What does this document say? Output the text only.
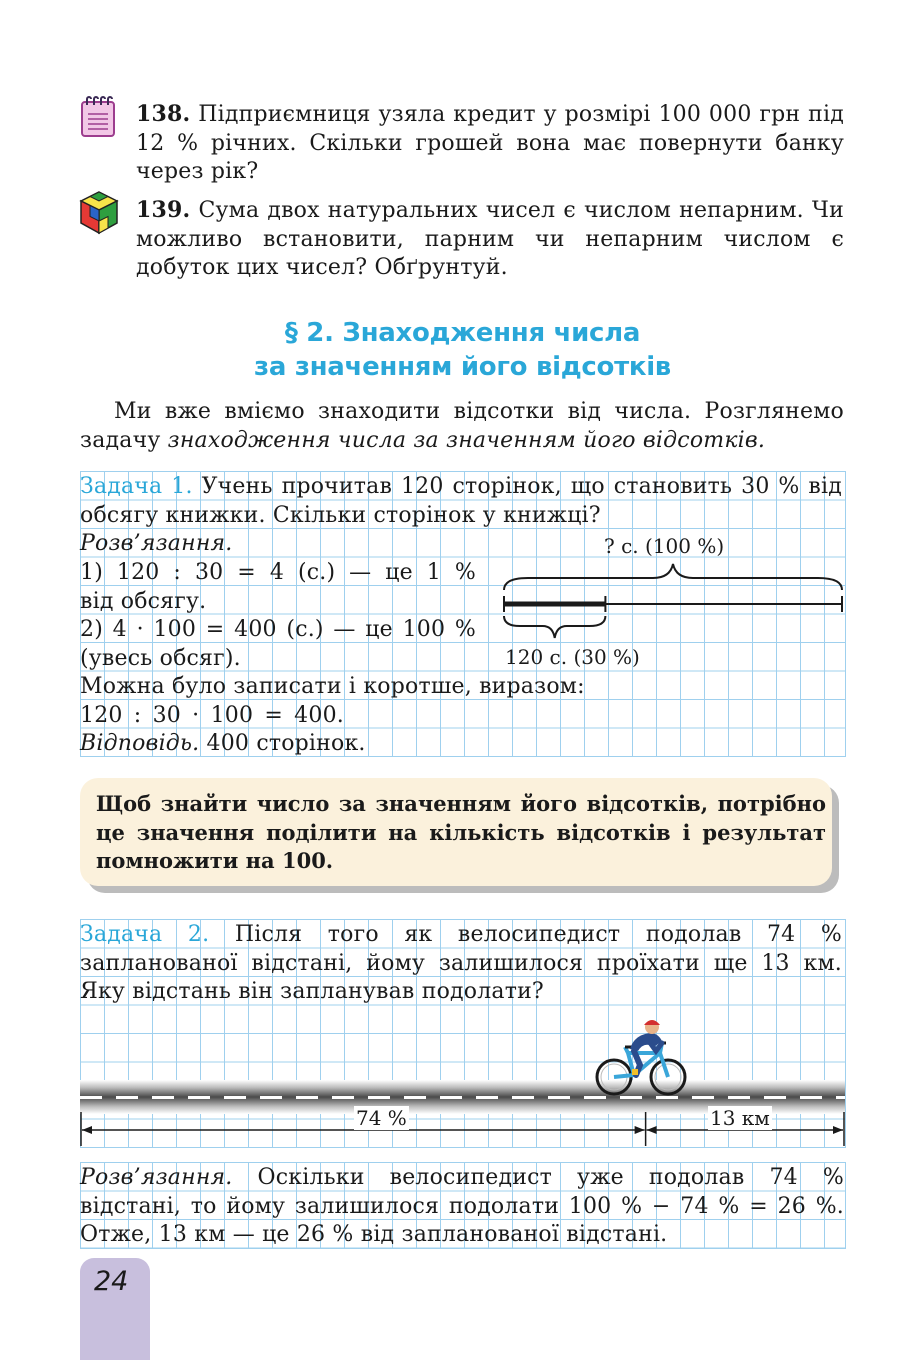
138. Підприємниця узяла кредит у розмірі 100 000 грн під 12 % річних. Скільки грошей вона має повернути банку через рік?

139. Сума двох натуральних чисел є числом непарним. Чи можливо встановити, парним чи непарним числом є добуток цих чисел? Обґрунтуй.

§ 2. Знаходження числа
за значенням його відсотків

Ми вже вміємо знаходити відсотки від числа. Розглянемо задачу знаходження числа за значенням його відсотків.

Задача 1. Учень прочитав 120 сторінок, що становить 30 % від обсягу книжки. Скільки сторінок у книжці?

Розв’язання.
1) 120 : 30 = 4 (с.) — це 1 %
від обсягу.
2) 4 · 100 = 400 (с.) — це 100 %
(увесь обсяг).
Можна було записати і коротше, виразом:
120 : 30 · 100 = 400.
Відповідь. 400 сторінок.
? с. (100 %)
120 с. (30 %)

Щоб знайти число за значенням його відсотків, потрібно це значення поділити на кількість відсотків і результат помножити на 100.

Задача 2. Після того як велосипедист подолав 74 % запланованої відстані, йому залишилося проїхати ще 13 км. Яку відстань він запланував подолати?

74 %	13 км

Розв’язання. Оскільки велосипедист уже подолав 74 % відстані, то йому залишилося подолати 100 % − 74 % = 26 %. Отже, 13 км — це 26 % від запланованої відстані.

24
